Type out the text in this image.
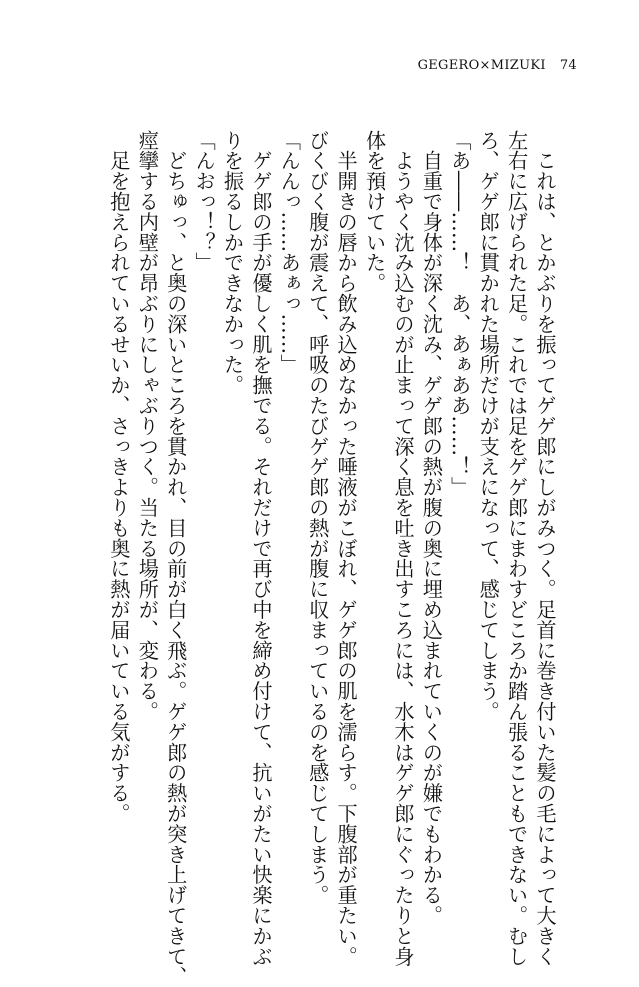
GEGERO×MIZUKI 74
　これは、とかぶりを振ってゲゲ郎にしがみつく。足首に巻き付いた髪の毛によって大きく
左右に広げられた足。これでは足をゲゲ郎にまわすどころか踏ん張ることもできない。むし
ろ、ゲゲ郎に貫かれた場所だけが支えになって、感じてしまう。
「あ――……！　あ、あぁああ……！」
　自重で身体が深く沈み、ゲゲ郎の熱が腹の奥に埋め込まれていくのが嫌でもわかる。
　ようやく沈み込むのが止まって深く息を吐き出すころには、水木はゲゲ郎にぐったりと身
体を預けていた。
　半開きの唇から飲み込めなかった唾液がこぼれ、ゲゲ郎の肌を濡らす。下腹部が重たい。
びくびく腹が震えて、呼吸のたびゲゲ郎の熱が腹に収まっているのを感じてしまう。
「んんっ……あぁっ……」
　ゲゲ郎の手が優しく肌を撫でる。それだけで再び中を締め付けて、抗いがたい快楽にかぶ
りを振るしかできなかった。
「んおっ！？」
　どちゅっ、と奥の深いところを貫かれ、目の前が白く飛ぶ。ゲゲ郎の熱が突き上げてきて、
痙攣する内壁が昂ぶりにしゃぶりつく。当たる場所が、変わる。
　足を抱えられているせいか、さっきよりも奥に熱が届いている気がする。
